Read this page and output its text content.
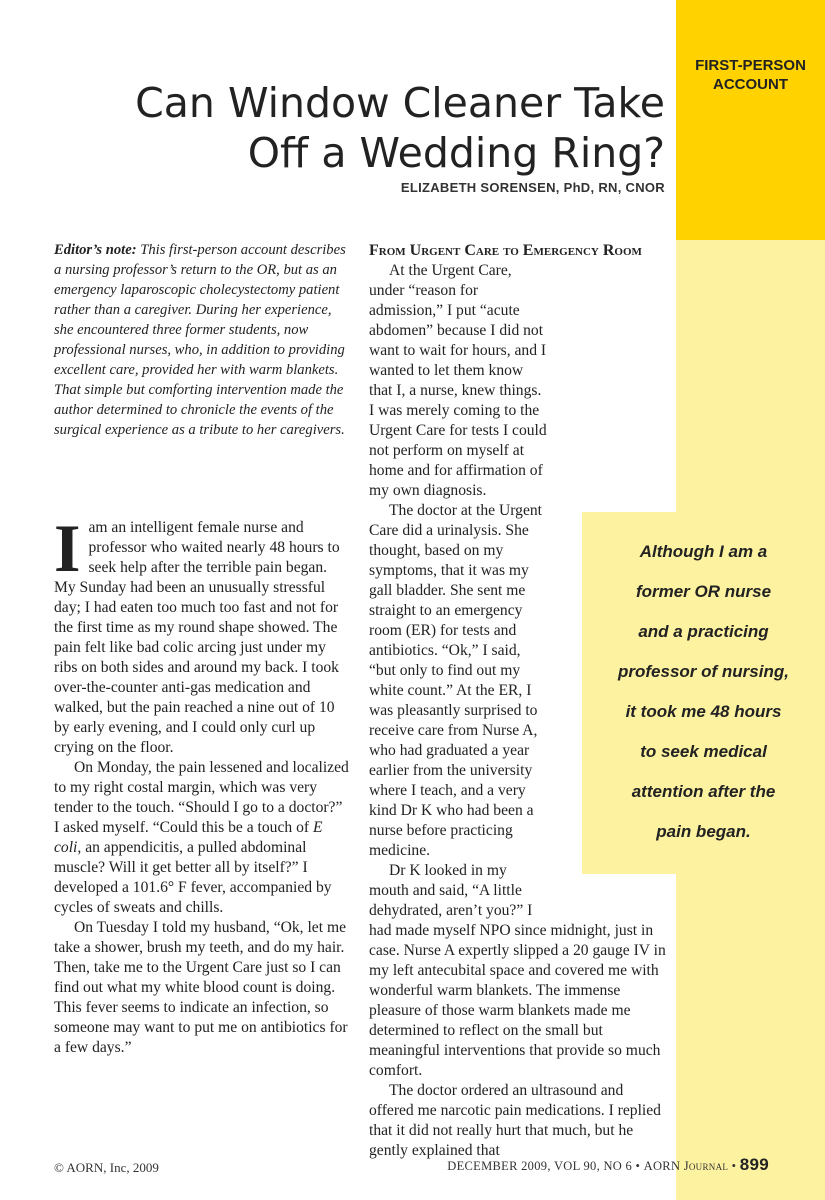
FIRST-PERSON
ACCOUNT
Can Window Cleaner Take
Off a Wedding Ring?
ELIZABETH SORENSEN, PhD, RN, CNOR

Editor’s note: This first-person account describes a nursing professor’s return to the OR, but as an emergency laparoscopic cholecystectomy patient rather than a caregiver. During her experience, she encountered three former students, now professional nurses, who, in addition to providing excellent care, provided her with warm blankets. That simple but comforting intervention made the author determined to chronicle the events of the surgical experience as a tribute to her caregivers.

I am an intelligent female nurse and professor who waited nearly 48 hours to seek help after the terrible pain began. My Sunday had been an unusually stressful day; I had eaten too much too fast and not for the first time as my round shape showed. The pain felt like bad colic arcing just under my ribs on both sides and around my back. I took over-the-counter anti-gas medication and walked, but the pain reached a nine out of 10 by early evening, and I could only curl up crying on the floor.

On Monday, the pain lessened and localized to my right costal margin, which was very tender to the touch. “Should I go to a doctor?” I asked myself. “Could this be a touch of E coli, an appendicitis, a pulled abdominal muscle? Will it get better all by itself?” I developed a 101.6° F fever, accompanied by cycles of sweats and chills.

On Tuesday I told my husband, “Ok, let me take a shower, brush my teeth, and do my hair. Then, take me to the Urgent Care just so I can find out what my white blood count is doing. This fever seems to indicate an infection, so someone may want to put me on antibiotics for a few days.”

From Urgent Care to Emergency Room

At the Urgent Care, under “reason for admission,” I put “acute abdomen” because I did not want to wait for hours, and I wanted to let them know that I, a nurse, knew things. I was merely coming to the Urgent Care for tests I could not perform on myself at home and for affirmation of my own diagnosis.

The doctor at the Urgent Care did a urinalysis. She thought, based on my symptoms, that it was my gall bladder. She sent me straight to an emergency room (ER) for tests and antibiotics. “Ok,” I said, “but only to find out my white count.” At the ER, I was pleasantly surprised to receive care from Nurse A, who had graduated a year earlier from the university where I teach, and a very kind Dr K who had been a nurse before practicing medicine.

Dr K looked in my mouth and said, “A little dehydrated, aren’t you?” I had made myself NPO since midnight, just in case. Nurse A expertly slipped a 20 gauge IV in my left antecubital space and covered me with wonderful warm blankets. The immense pleasure of those warm blankets made me determined to reflect on the small but meaningful interventions that provide so much comfort.

The doctor ordered an ultrasound and offered me narcotic pain medications. I replied that it did not really hurt that much, but he gently explained that

Although I am a
former OR nurse
and a practicing
professor of nursing,
it took me 48 hours
to seek medical
attention after the
pain began.
© AORN, Inc, 2009	DECEMBER 2009, VOL 90, NO 6 • AORN Journal • 899
